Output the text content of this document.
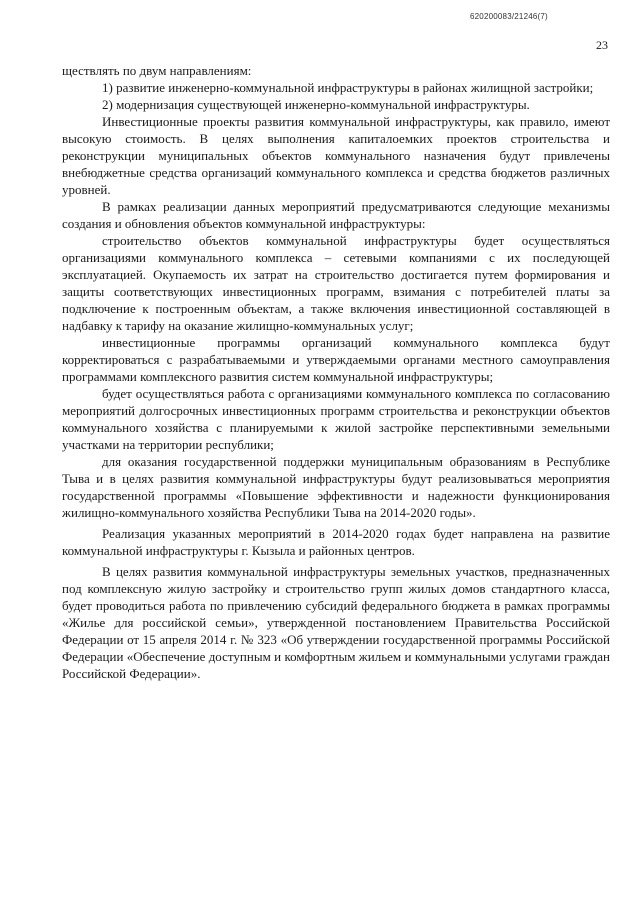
620200083/21246(7)
23

ществлять по двум направлениям:

1) развитие инженерно-коммунальной инфраструктуры в районах жилищной застройки;

2) модернизация существующей инженерно-коммунальной инфраструктуры.

Инвестиционные проекты развития коммунальной инфраструктуры, как правило, имеют высокую стоимость. В целях выполнения капиталоемких проектов строительства и реконструкции муниципальных объектов коммунального назначения будут привлечены внебюджетные средства организаций коммунального комплекса и средства бюджетов различных уровней.

В рамках реализации данных мероприятий предусматриваются следующие механизмы создания и обновления объектов коммунальной инфраструктуры:

строительство объектов коммунальной инфраструктуры будет осуществляться организациями коммунального комплекса – сетевыми компаниями с их последующей эксплуатацией. Окупаемость их затрат на строительство достигается путем формирования и защиты соответствующих инвестиционных программ, взимания с потребителей платы за подключение к построенным объектам, а также включения инвестиционной составляющей в надбавку к тарифу на оказание жилищно-коммунальных услуг;

инвестиционные программы организаций коммунального комплекса будут корректироваться с разрабатываемыми и утверждаемыми органами местного самоуправления программами комплексного развития систем коммунальной инфраструктуры;

будет осуществляться работа с организациями коммунального комплекса по согласованию мероприятий долгосрочных инвестиционных программ строительства и реконструкции объектов коммунального хозяйства с планируемыми к жилой застройке перспективными земельными участками на территории республики;

для оказания государственной поддержки муниципальным образованиям в Республике Тыва и в целях развития коммунальной инфраструктуры будут реализовываться мероприятия государственной программы «Повышение эффективности и надежности функционирования жилищно-коммунального хозяйства Республики Тыва на 2014-2020 годы».

Реализация указанных мероприятий в 2014-2020 годах будет направлена на развитие коммунальной инфраструктуры г. Кызыла и районных центров.

В целях развития коммунальной инфраструктуры земельных участков, предназначенных под комплексную жилую застройку и строительство групп жилых домов стандартного класса, будет проводиться работа по привлечению субсидий федерального бюджета в рамках программы «Жилье для российской семьи», утвержденной постановлением Правительства Российской Федерации от 15 апреля 2014 г. № 323 «Об утверждении государственной программы Российской Федерации «Обеспечение доступным и комфортным жильем и коммунальными услугами граждан Российской Федерации».
